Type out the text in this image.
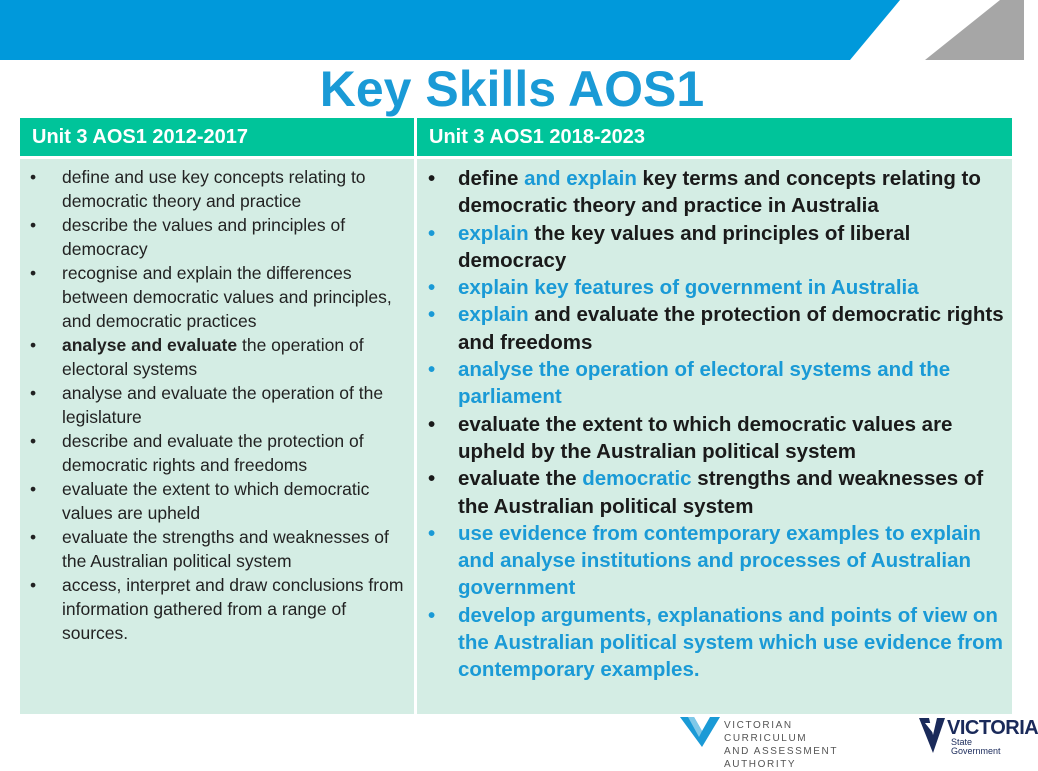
Key Skills AOS1
Unit 3 AOS1 2012-2017
•	define and use key concepts relating to democratic theory and practice
•	describe the values and principles of democracy
•	recognise and explain the differences between democratic values and principles, and democratic practices
•	analyse and evaluate the operation of electoral systems
•	analyse and evaluate the operation of the legislature
•	describe and evaluate the protection of democratic rights and freedoms
•	evaluate the extent to which democratic values are upheld
•	evaluate the strengths and weaknesses of the Australian political system
•	access, interpret and draw conclusions from information gathered from a range of sources.
Unit 3 AOS1 2018-2023
• define and explain key terms and concepts relating to democratic theory and practice in Australia
• explain the key values and principles of liberal democracy
• explain key features of government in Australia
• explain and evaluate the protection of democratic rights and freedoms
• analyse the operation of electoral systems and the parliament
• evaluate the extent to which democratic values are upheld by the Australian political system
• evaluate the democratic strengths and weaknesses of the Australian political system
• use evidence from contemporary examples to explain and analyse institutions and processes of Australian government
• develop arguments, explanations and points of view on the Australian political system which use evidence from contemporary examples.
VICTORIAN CURRICULUM
AND ASSESSMENT AUTHORITY
VICTORIA
State
Government
